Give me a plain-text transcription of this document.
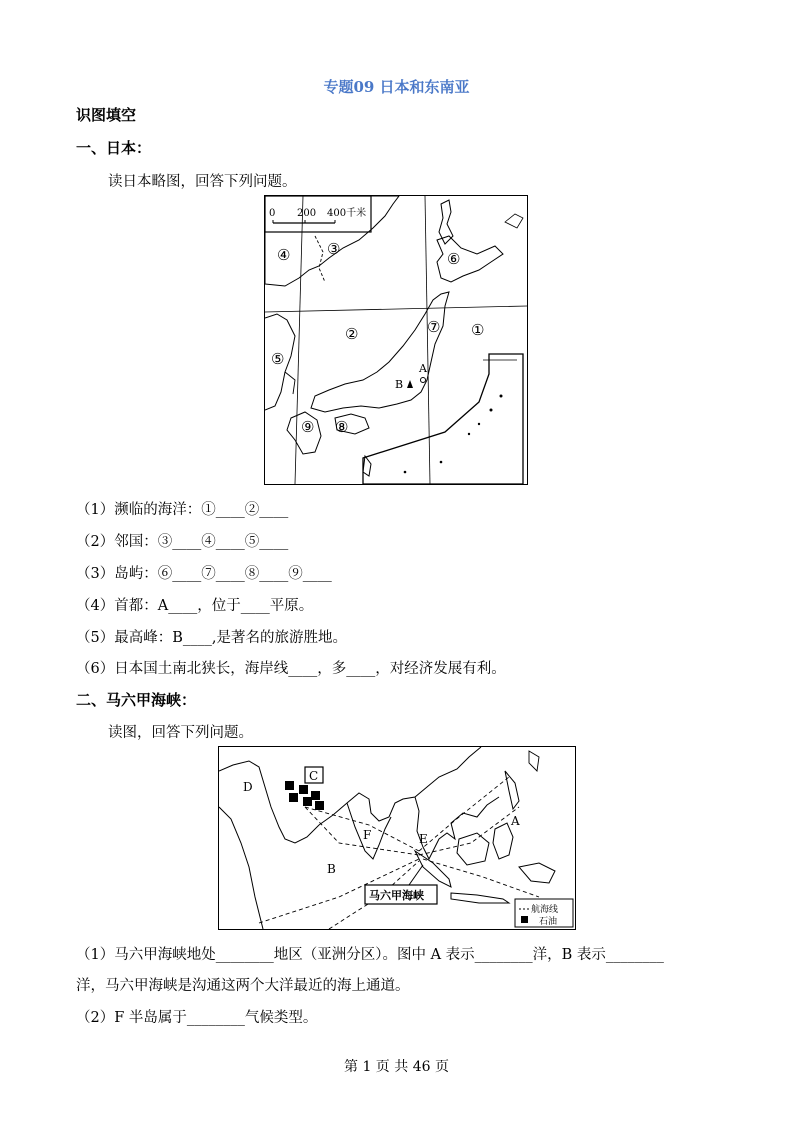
专题09 日本和东南亚
识图填空
一、日本：
读日本略图，回答下列问题。
0 200 400千米
①
②
③
④
⑤
⑥
⑦
⑧
⑨
A
B
（1）濒临的海洋：①____②____
（2）邻国：③____④____⑤____
（3）岛屿：⑥____⑦____⑧____⑨____
（4）首都：A____，位于____平原。
（5）最高峰：B____,是著名的旅游胜地。
（6）日本国土南北狭长，海岸线____，多____，对经济发展有利。
二、马六甲海峡：
读图，回答下列问题。
C
D
F	E
A
B
马六甲海峡
航海线
石油
（1）马六甲海峡地处________地区（亚洲分区）。图中 A 表示________洋，B 表示________
洋，马六甲海峡是沟通这两个大洋最近的海上通道。
（2）F 半岛属于________气候类型。
第 1 页 共 46 页
